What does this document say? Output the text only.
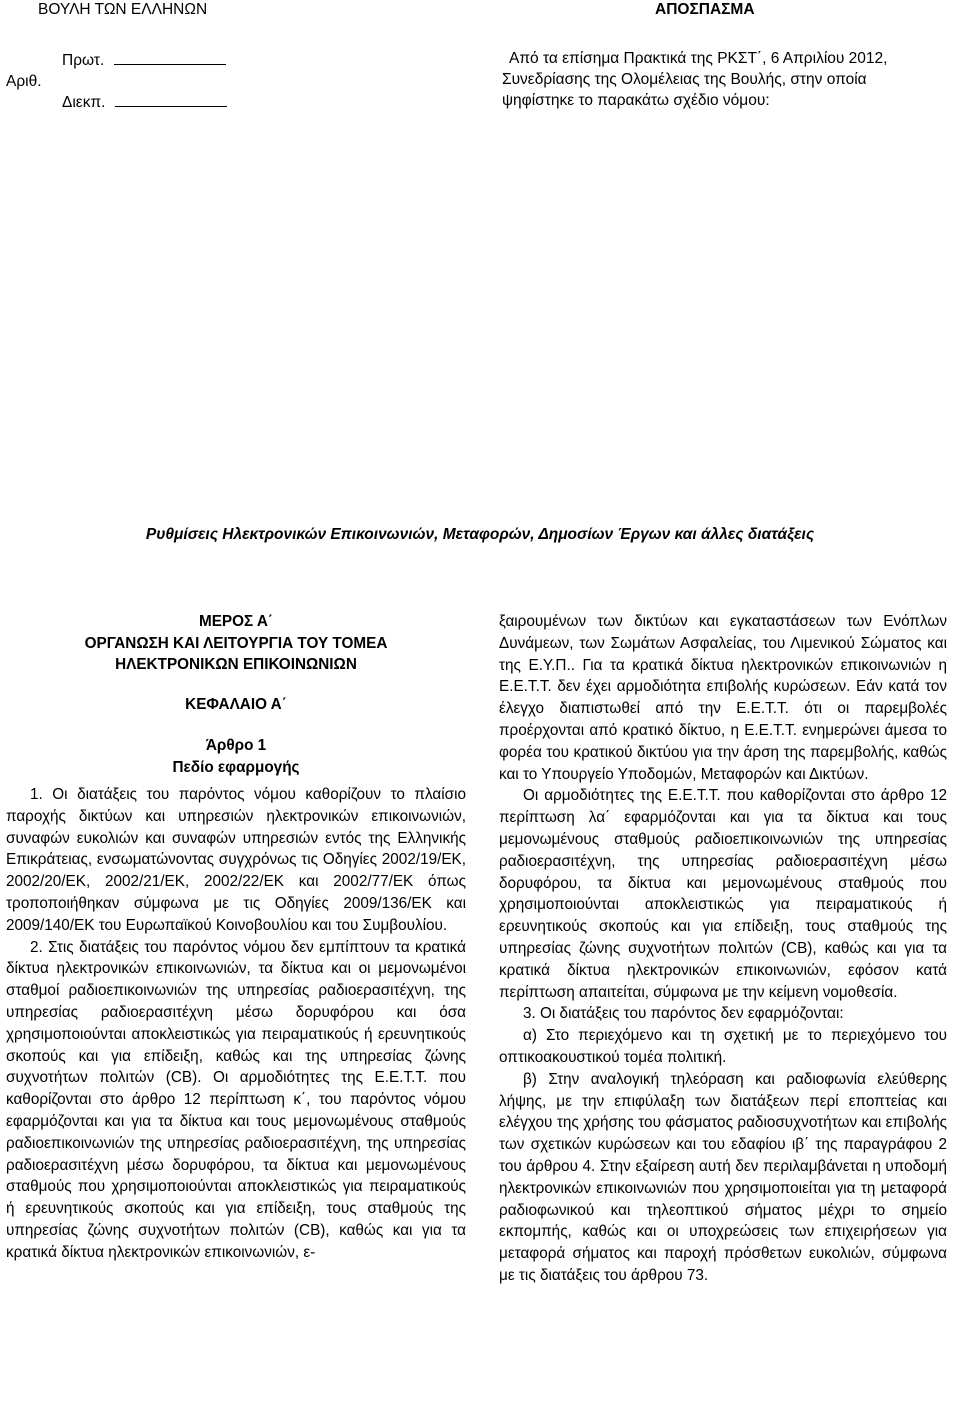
ΒΟΥΛΗ ΤΩΝ ΕΛΛΗΝΩΝ	ΑΠΟΣΠΑΣΜΑ
Πρωτ.
Αριθ.
Διεκπ.
Από τα επίσημα Πρακτικά της ΡΚΣΤ΄, 6 Απριλίου 2012,
Συνεδρίασης της Ολομέλειας της Βουλής, στην οποία
ψηφίστηκε το παρακάτω σχέδιο νόμου:
Ρυθμίσεις Ηλεκτρονικών Επικοινωνιών, Μεταφορών, Δημοσίων Έργων και άλλες διατάξεις
ΜΕΡΟΣ Α΄
ΟΡΓΑΝΩΣΗ ΚΑΙ ΛΕΙΤΟΥΡΓΙΑ ΤΟΥ ΤΟΜΕΑ
ΗΛΕΚΤΡΟΝΙΚΩΝ ΕΠΙΚΟΙΝΩΝΙΩΝ
ΚΕΦΑΛΑΙΟ Α΄
Άρθρο 1
Πεδίο εφαρμογής

1. Οι διατάξεις του παρόντος νόμου καθορίζουν το πλαίσιο παροχής δικτύων και υπηρεσιών ηλεκτρονικών επικοινωνιών, συναφών ευκολιών και συναφών υπηρεσιών εντός της Ελληνικής Επικράτειας, ενσωματώνοντας συγχρόνως τις Οδηγίες 2002/19/ΕΚ, 2002/20/ΕΚ, 2002/21/ΕΚ, 2002/22/ΕΚ και 2002/77/ΕΚ όπως τροποποιήθηκαν σύμφωνα με τις Οδηγίες 2009/136/ΕΚ και 2009/140/ΕΚ του Ευρωπαϊκού Κοινοβουλίου και του Συμβουλίου.

2. Στις διατάξεις του παρόντος νόμου δεν εμπίπτουν τα κρατικά δίκτυα ηλεκτρονικών επικοινωνιών, τα δίκτυα και οι μεμονωμένοι σταθμοί ραδιοεπικοινωνιών της υπηρεσίας ραδιοερασιτέχνη, της υπηρεσίας ραδιοερασιτέχνη μέσω δορυφόρου και όσα χρησιμοποιούνται αποκλειστικώς για πειραματικούς ή ερευνητικούς σκοπούς και για επίδειξη, καθώς και της υπηρεσίας ζώνης συχνοτήτων πολιτών (CB). Οι αρμοδιότητες της Ε.Ε.Τ.Τ. που καθορίζονται στο άρθρο 12 περίπτωση κ΄, του παρόντος νόμου εφαρμόζονται και για τα δίκτυα και τους μεμονωμένους σταθμούς ραδιοεπικοινωνιών της υπηρεσίας ραδιοερασιτέχνη, της υπηρεσίας ραδιοερασιτέχνη μέσω δορυφόρου, τα δίκτυα και μεμονωμένους σταθμούς που χρησιμοποιούνται αποκλειστικώς για πειραματικούς ή ερευνητικούς σκοπούς και για επίδειξη, τους σταθμούς της υπηρεσίας ζώνης συχνοτήτων πολιτών (CB), καθώς και για τα κρατικά δίκτυα ηλεκτρονικών επικοινωνιών, ε-

ξαιρουμένων των δικτύων και εγκαταστάσεων των Ενόπλων Δυνάμεων, των Σωμάτων Ασφαλείας, του Λιμενικού Σώματος και της Ε.Υ.Π.. Για τα κρατικά δίκτυα ηλεκτρονικών επικοινωνιών η Ε.Ε.Τ.Τ. δεν έχει αρμοδιότητα επιβολής κυρώσεων. Εάν κατά τον έλεγχο διαπιστωθεί από την Ε.Ε.Τ.Τ. ότι οι παρεμβολές προέρχονται από κρατικό δίκτυο, η Ε.Ε.Τ.Τ. ενημερώνει άμεσα το φορέα του κρατικού δικτύου για την άρση της παρεμβολής, καθώς και το Υπουργείο Υποδομών, Μεταφορών και Δικτύων.

Οι αρμοδιότητες της Ε.Ε.Τ.Τ. που καθορίζονται στο άρθρο 12 περίπτωση λα΄ εφαρμόζονται και για τα δίκτυα και τους μεμονωμένους σταθμούς ραδιοεπικοινωνιών της υπηρεσίας ραδιοερασιτέχνη, της υπηρεσίας ραδιοερασιτέχνη μέσω δορυφόρου, τα δίκτυα και μεμονωμένους σταθμούς που χρησιμοποιούνται αποκλειστικώς για πειραματικούς ή ερευνητικούς σκοπούς και για επίδειξη, τους σταθμούς της υπηρεσίας ζώνης συχνοτήτων πολιτών (CB), καθώς και για τα κρατικά δίκτυα ηλεκτρονικών επικοινωνιών, εφόσον κατά περίπτωση απαιτείται, σύμφωνα με την κείμενη νομοθεσία.

3. Οι διατάξεις του παρόντος δεν εφαρμόζονται:

α) Στο περιεχόμενο και τη σχετική με το περιεχόμενο του οπτικοακουστικού τομέα πολιτική.

β) Στην αναλογική τηλεόραση και ραδιοφωνία ελεύθερης λήψης, με την επιφύλαξη των διατάξεων περί εποπτείας και ελέγχου της χρήσης του φάσματος ραδιοσυχνοτήτων και επιβολής των σχετικών κυρώσεων και του εδαφίου ιβ΄ της παραγράφου 2 του άρθρου 4. Στην εξαίρεση αυτή δεν περιλαμβάνεται η υποδομή ηλεκτρονικών επικοινωνιών που χρησιμοποιείται για τη μεταφορά ραδιοφωνικού και τηλεοπτικού σήματος μέχρι το σημείο εκπομπής, καθώς και οι υποχρεώσεις των επιχειρήσεων για μεταφορά σήματος και παροχή πρόσθετων ευκολιών, σύμφωνα με τις διατάξεις του άρθρου 73.
